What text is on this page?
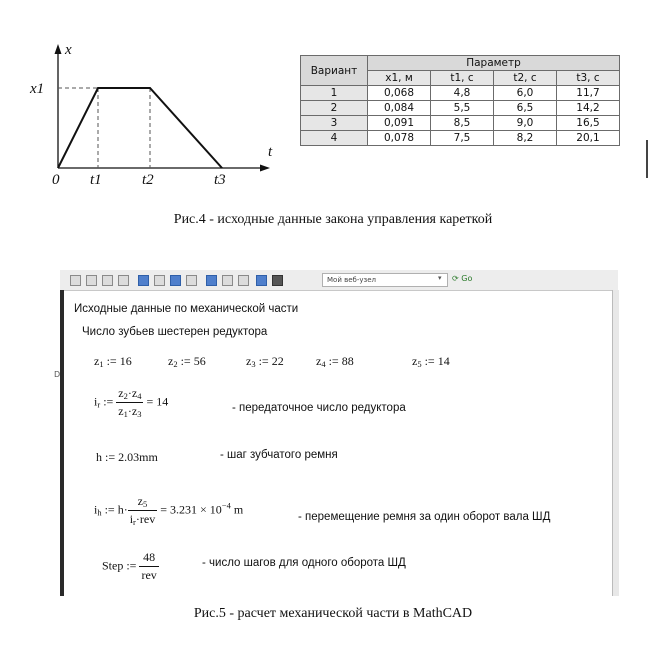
x
x1
0 t1	t2	t3
t
Вариант	Параметр			
	x1, м	t1, с	t2, с	t3, с
1	0,068	4,8	6,0	11,7
2	0,084	5,5	6,5	14,2
3	0,091	8,5	9,0	16,5
4	0,078	7,5	8,2	20,1
Рис.4 - исходные данные закона управления кареткой
Мой веб-узел	▾ ⟳ Go
D
Исходные данные по механической части
Число зубьев шестерен редуктора
$z_1$ := 16	$z_2$ := 56	$z_3$ := 22	$z_4$ := 88	$z_5$ := 14
$i_r$ := $\frac{z_2\cdot z_4}{z_1\cdot z_3} = 14$	- передаточное число редуктора
h := 2.03mm	- шаг зубчатого ремня
$i_h$ := $h\cdot \frac{z_5}{i_r\cdot rev} = 3.231 \times 10^{-4}$ m
- перемещение ремня за один оборот вала ШД
Step := $\frac{48}{\text{rev}}$	- число шагов для одного оборота ШД
Рис.5 - расчет механической части в MathCAD
